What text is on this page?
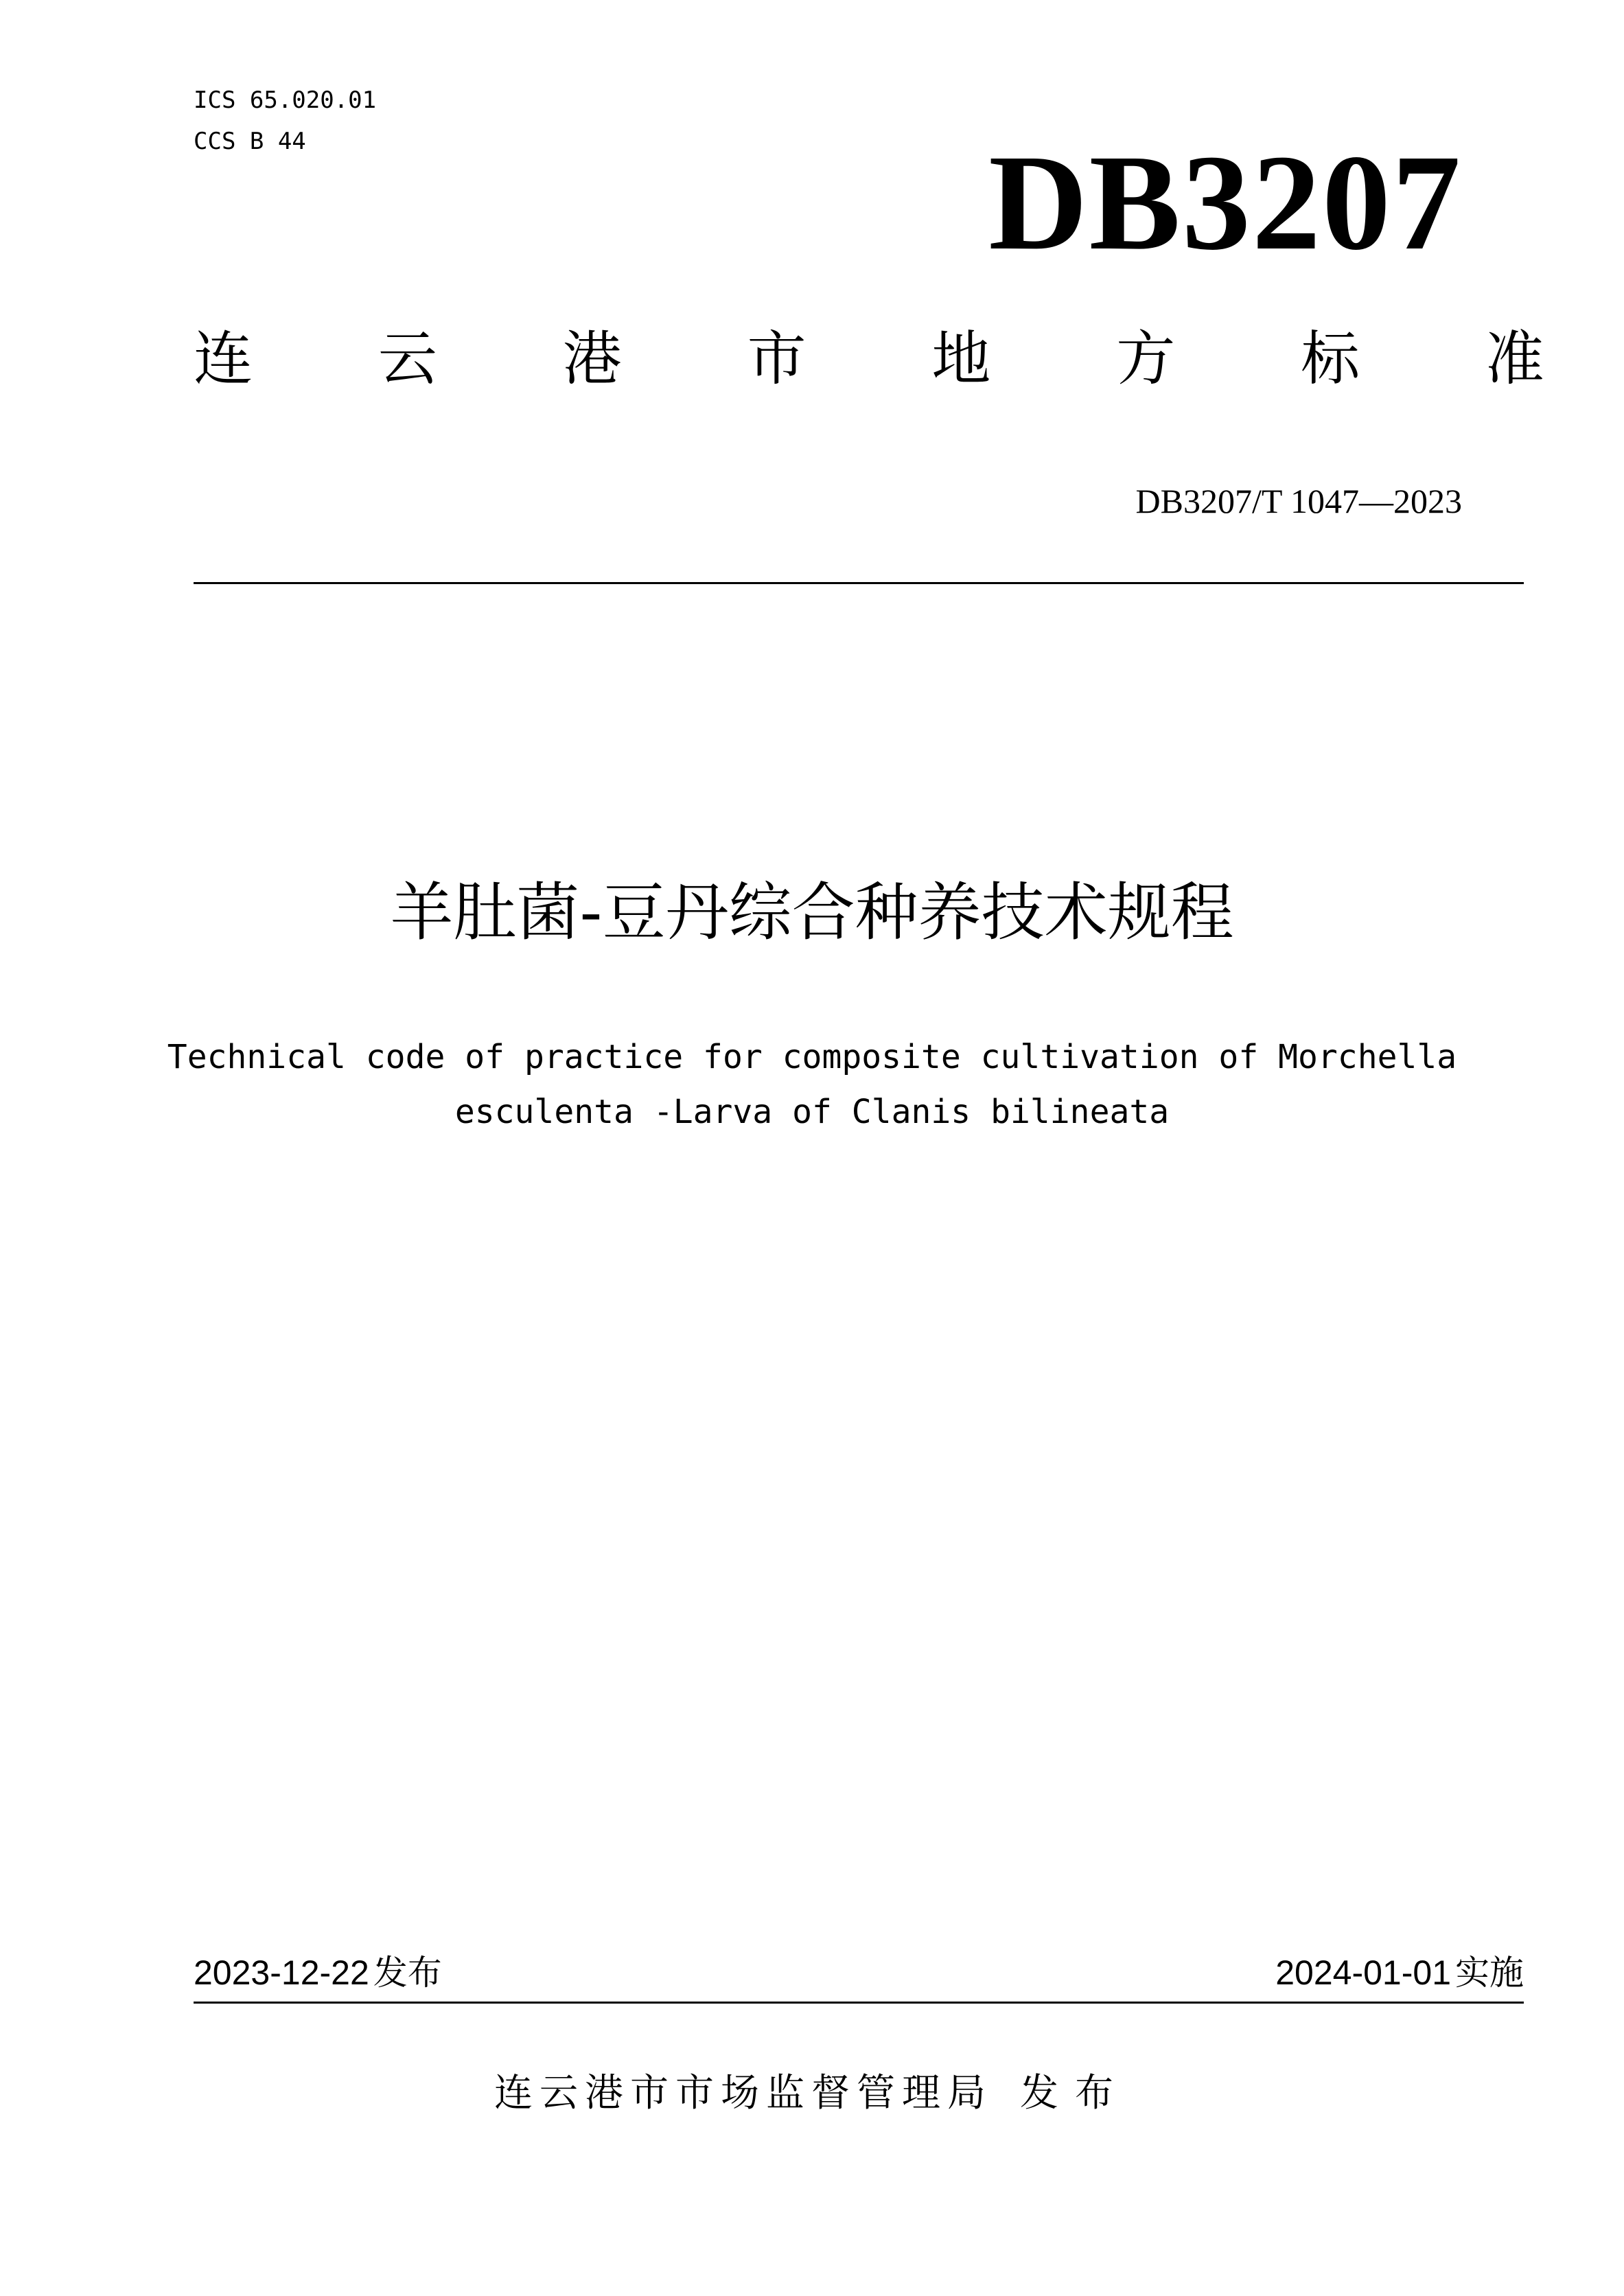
ICS 65.020.01
CCS B 44	DB3207
连 云 港 市 地 方 标 准
DB3207/T 1047—2023
羊肚菌-豆丹综合种养技术规程
Technical code of practice for composite cultivation of Morchella
esculenta -Larva of Clanis bilineata
2023-12-22 发布	2024-01-01 实施
连云港市市场监督管理局 发布
